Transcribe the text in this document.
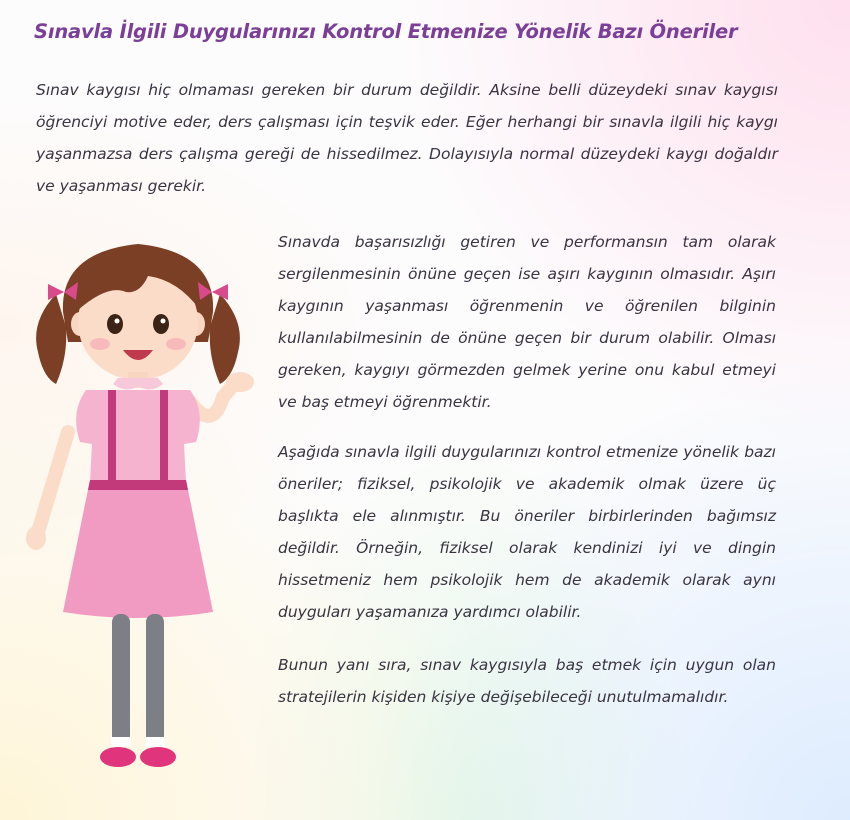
Sınavla İlgili Duygularınızı Kontrol Etmenize Yönelik Bazı Öneriler

Sınav kaygısı hiç olmaması gereken bir durum değildir. Aksine belli düzeydeki sınav kaygısı öğrenciyi motive eder, ders çalışması için teşvik eder. Eğer herhangi bir sınavla ilgili hiç kaygı yaşanmazsa ders çalışma gereği de hissedilmez. Dolayısıyla normal düzeydeki kaygı doğaldır ve yaşanması gerekir.

Sınavda başarısızlığı getiren ve performansın tam olarak sergilenmesinin önüne geçen ise aşırı kaygının olmasıdır. Aşırı kaygının yaşanması öğrenmenin ve öğrenilen bilginin kullanılabilmesinin de önüne geçen bir durum olabilir. Olması gereken, kaygıyı görmezden gelmek yerine onu kabul etmeyi ve baş etmeyi öğrenmektir.

Aşağıda sınavla ilgili duygularınızı kontrol etmenize yönelik bazı öneriler; fiziksel, psikolojik ve akademik olmak üzere üç başlıkta ele alınmıştır. Bu öneriler birbirlerinden bağımsız değildir. Örneğin, fiziksel olarak kendinizi iyi ve dingin hissetmeniz hem psikolojik hem de akademik olarak aynı duyguları yaşamanıza yardımcı olabilir.

Bunun yanı sıra, sınav kaygısıyla baş etmek için uygun olan stratejilerin kişiden kişiye değişebileceği unutulmamalıdır.
